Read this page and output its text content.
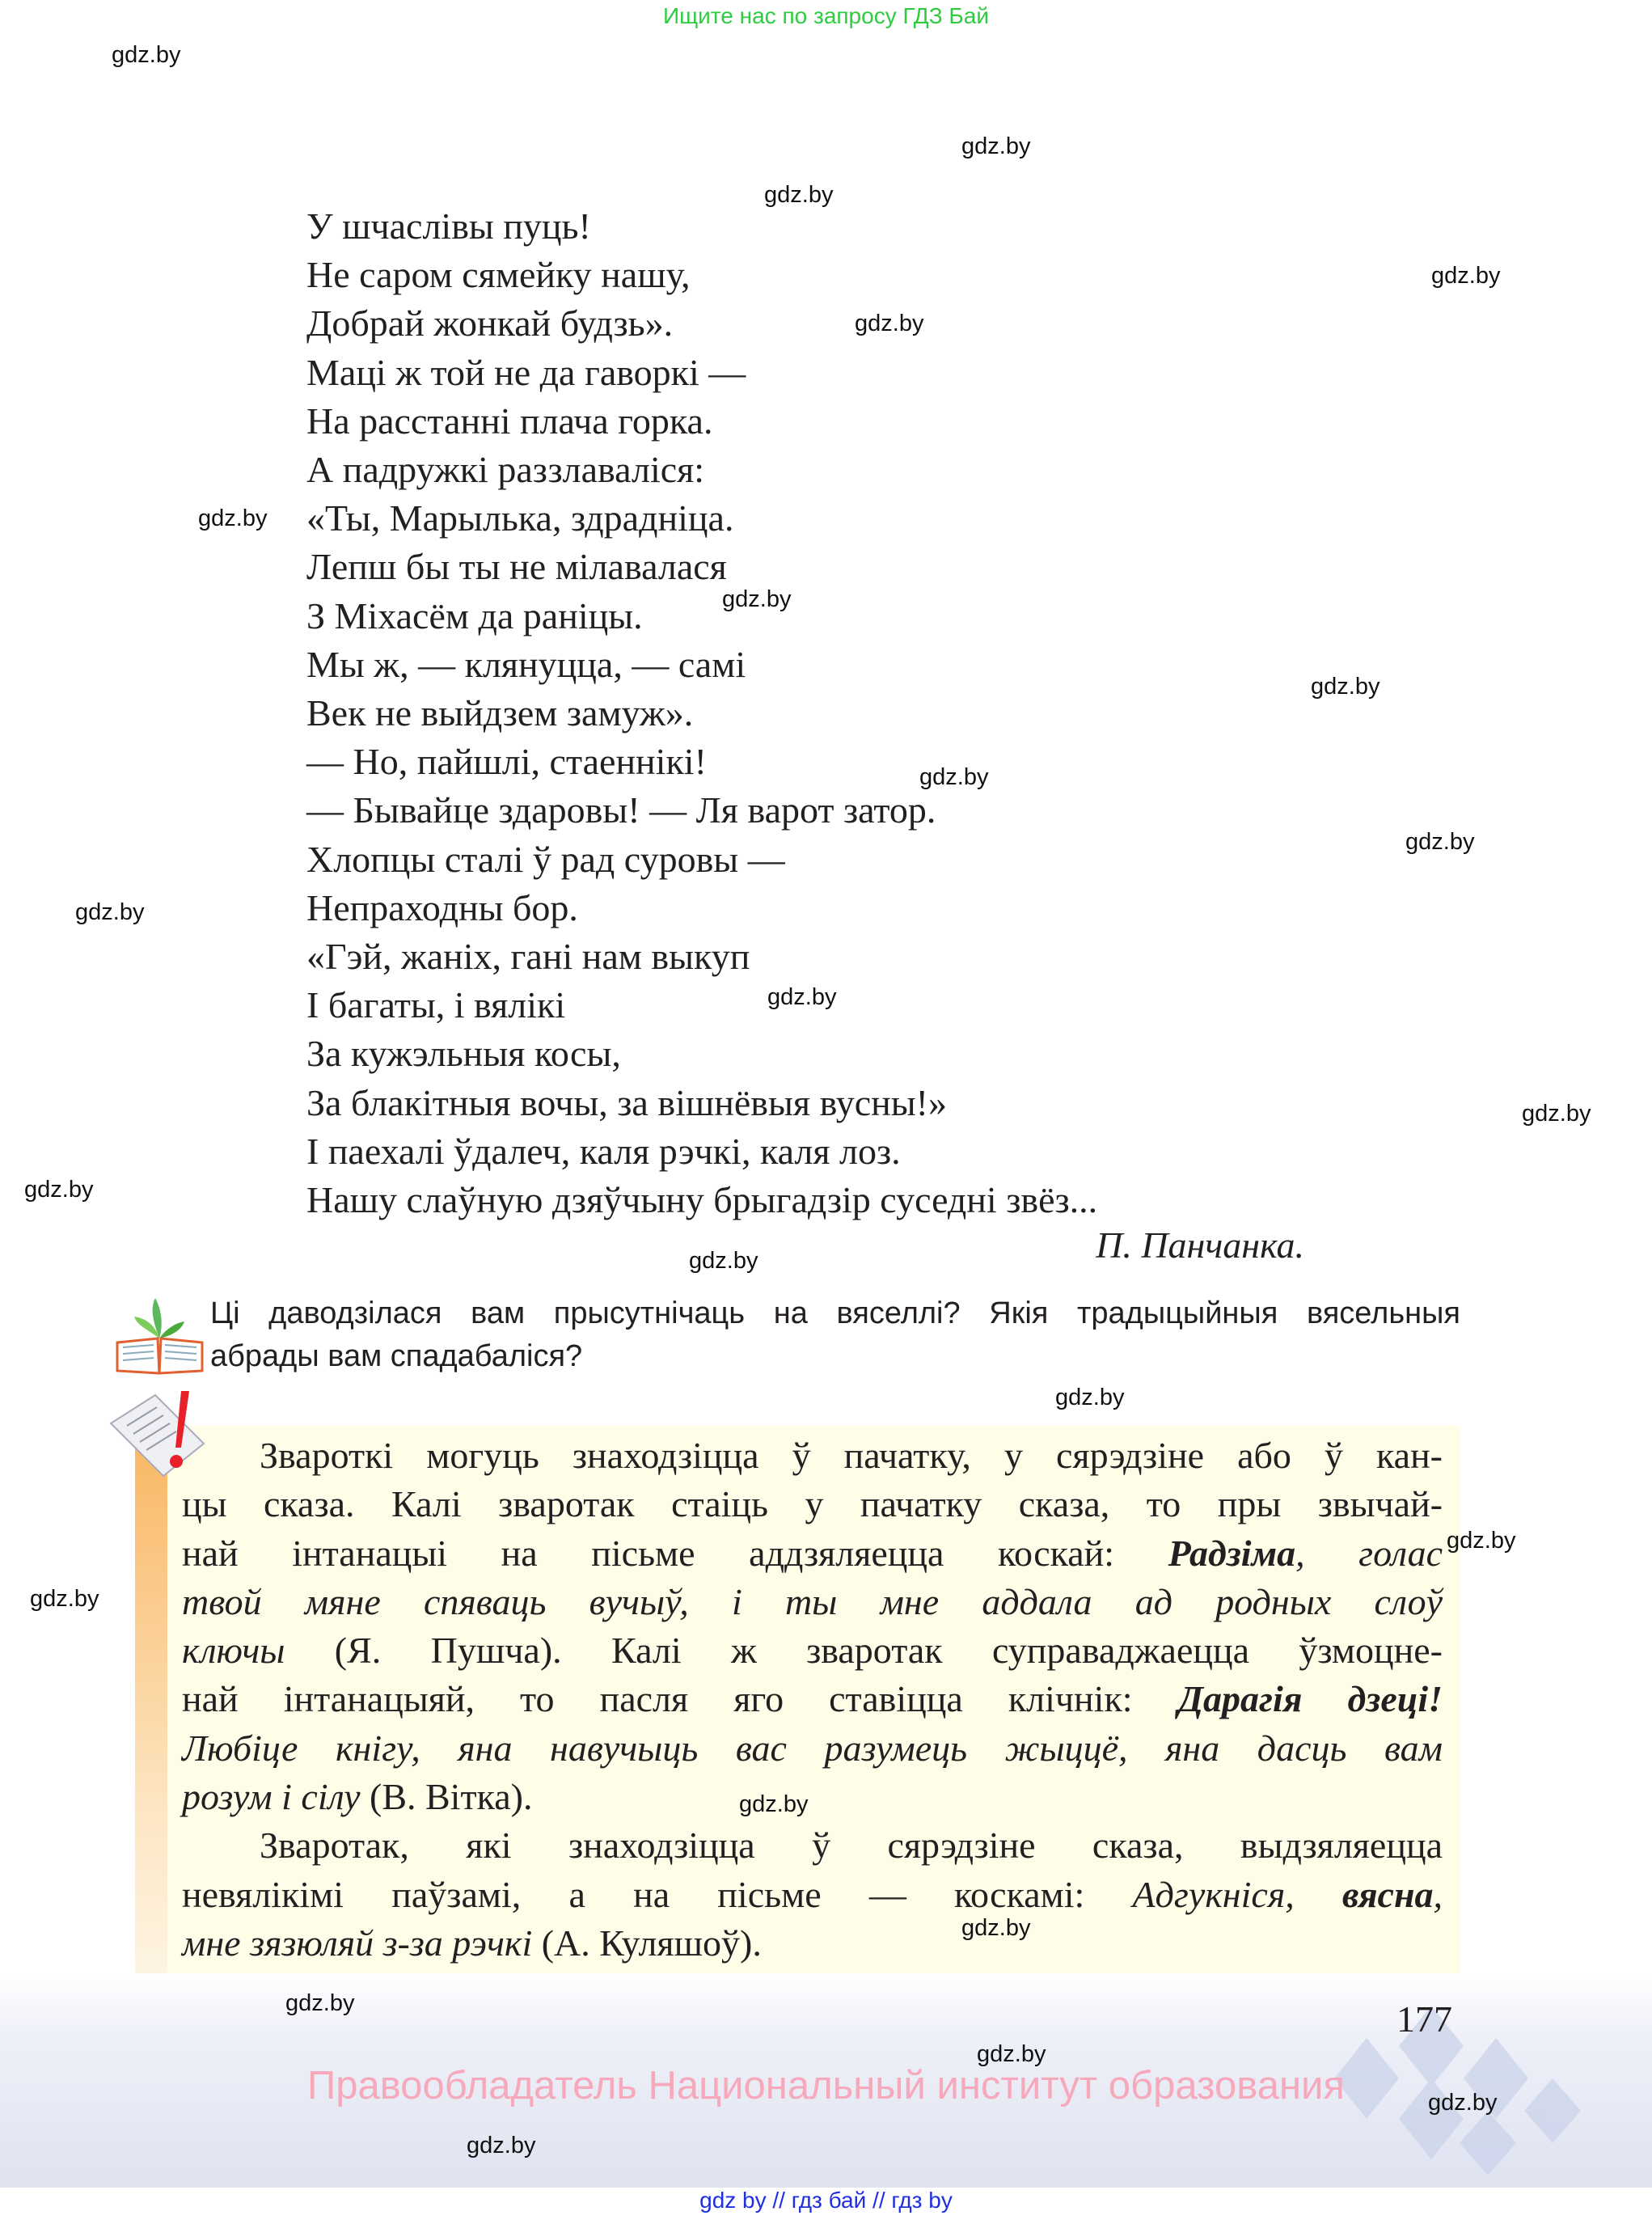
Ищите нас по запросу ГДЗ Бай
У шчаслівы пуць!
Не саром сямейку нашу,
Добрай жонкай будзь».
Маці ж той не да гаворкі —
На расстанні плача горка.
А падружкі раззлаваліся:
«Ты, Марылька, здрадніца.
Лепш бы ты не мілавалася
З Міхасём да раніцы.
Мы ж, — клянуцца, — самі
Век не выйдзем замуж».
— Но, пайшлі, стаеннікі!
— Бывайце здаровы! — Ля варот затор.
Хлопцы сталі ў рад суровы —
Непраходны бор.
«Гэй, жаніх, гані нам выкуп
І багаты, і вялікі
За кужэльныя косы,
За блакітныя вочы, за вішнёвыя вусны!»
І паехалі ўдалеч, каля рэчкі, каля лоз.
Нашу слаўную дзяўчыну брыгадзір суседні звёз...
П. Панчанка.
Ці даводзілася вам прысутнічаць на вяселлі? Якія традыцыйныя вясельныя
абрады вам спадабаліся?
Звароткі могуць знаходзіцца ў пачатку, у сярэдзіне або ў кан-
цы сказа. Калі зваротак стаіць у пачатку сказа, то пры звычай-
най інтанацыі на пісьме аддзяляецца коскай: Радзіма, голас
твой мяне спяваць вучыў, і ты мне аддала ад родных слоў
ключы (Я. Пушча). Калі ж зваротак суправаджаецца ўзмоцне-
най інтанацыяй, то пасля яго ставіцца клічнік: Дарагія дзеці!
Любіце кнігу, яна навучыць вас разумець жыццё, яна дасць вам
розум і сілу (В. Вітка).
Зваротак, які знаходзіцца ў сярэдзіне сказа, выдзяляецца
невялікімі паўзамі, а на пісьме — коскамі: Адгукніся, вясна,
мне зязюляй з-за рэчкі (А. Куляшоў).
177
Правообладатель Национальный институт образования
gdz by // гдз бай // гдз by
gdz.by
gdz.by
gdz.by
gdz.by
gdz.by
gdz.by
gdz.by
gdz.by
gdz.by
gdz.by
gdz.by
gdz.by
gdz.by
gdz.by
gdz.by
gdz.by
gdz.by
gdz.by
gdz.by
gdz.by
gdz.by
gdz.by
gdz.by
gdz.by
